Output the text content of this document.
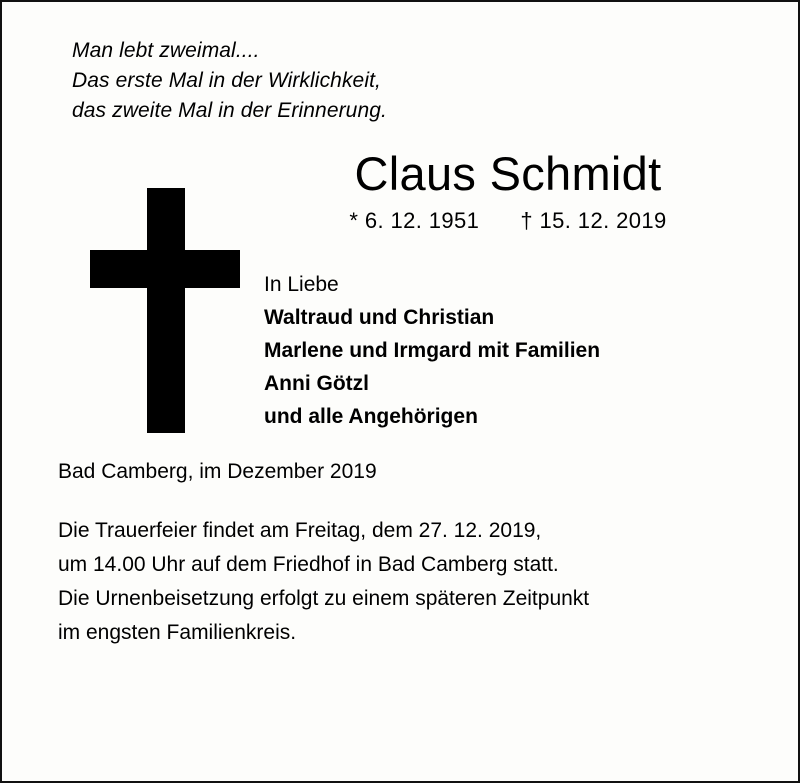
Man lebt zweimal....
Das erste Mal in der Wirklichkeit,
das zweite Mal in der Erinnerung.
Claus Schmidt
* 6. 12. 1951 † 15. 12. 2019
In Liebe
Waltraud und Christian
Marlene und Irmgard mit Familien
Anni Götzl
und alle Angehörigen
Bad Camberg, im Dezember 2019
Die Trauerfeier findet am Freitag, dem 27. 12. 2019,
um 14.00 Uhr auf dem Friedhof in Bad Camberg statt.
Die Urnenbeisetzung erfolgt zu einem späteren Zeitpunkt
im engsten Familienkreis.
